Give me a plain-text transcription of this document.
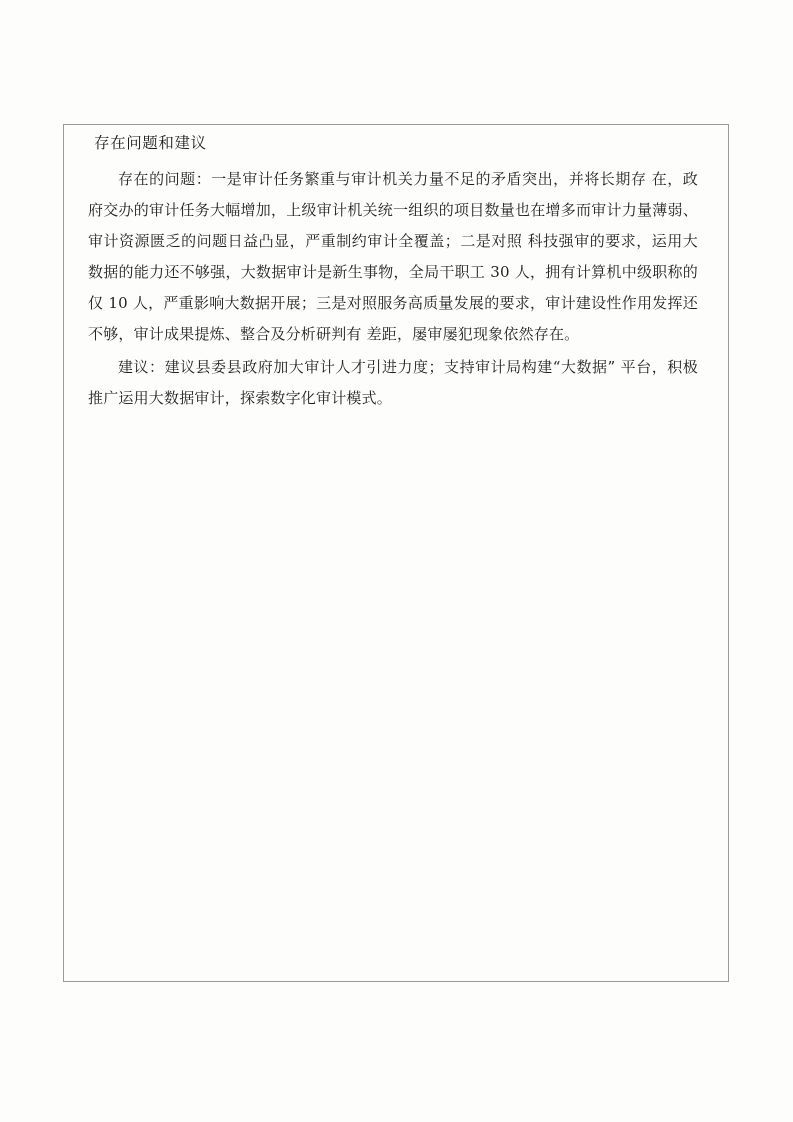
存在问题和建议

存在的问题：一是审计任务繁重与审计机关力量不足的矛盾突出，并将长期存 在，政府交办的审计任务大幅增加，上级审计机关统一组织的项目数量也在增多而审计力量薄弱、审计资源匮乏的问题日益凸显，严重制约审计全覆盖；二是对照 科技强审的要求，运用大数据的能力还不够强，大数据审计是新生事物，全局干职工 30 人，拥有计算机中级职称的仅 10 人，严重影响大数据开展；三是对照服务高质量发展的要求，审计建设性作用发挥还不够，审计成果提炼、整合及分析研判有 差距，屡审屡犯现象依然存在。

建议：建议县委县政府加大审计人才引进力度；支持审计局构建“大数据” 平台，积极推广运用大数据审计，探索数字化审计模式。
